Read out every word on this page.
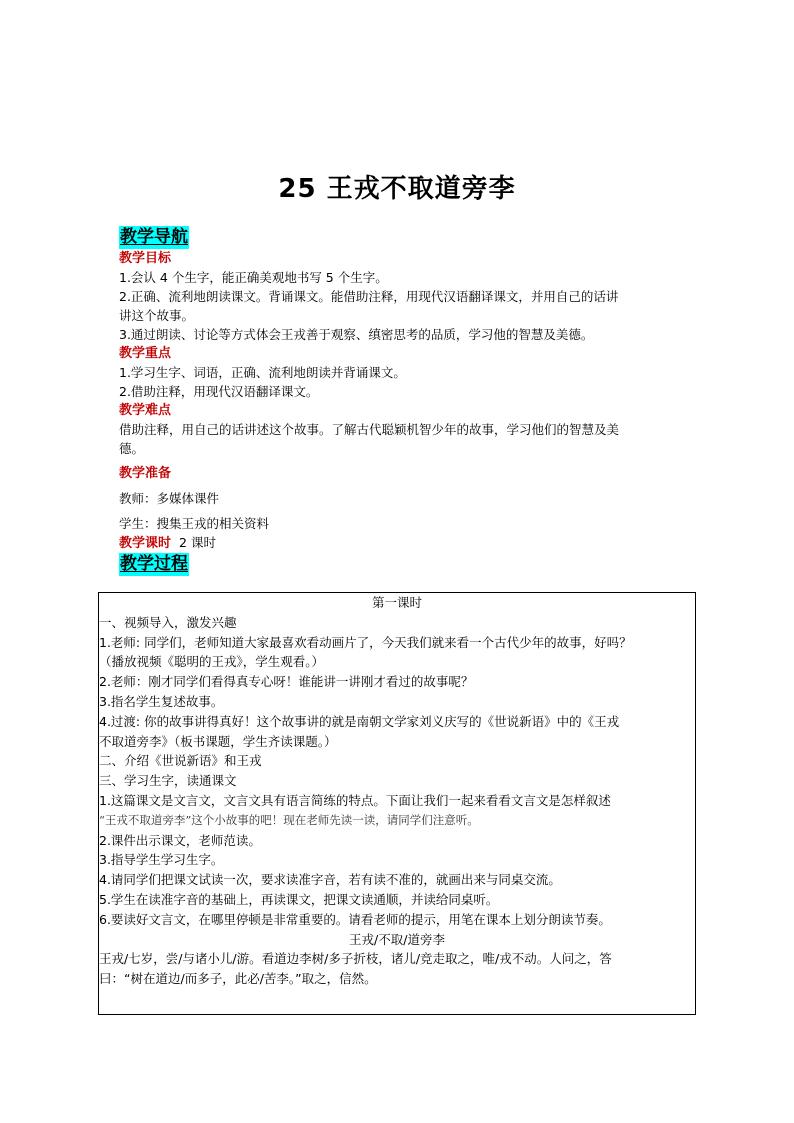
25 王戎不取道旁李
教学导航
教学目标
1.会认 4 个生字，能正确美观地书写 5 个生字。
2.正确、流利地朗读课文。背诵课文。能借助注释，用现代汉语翻译课文，并用自己的话讲
讲这个故事。
3.通过朗读、讨论等方式体会王戎善于观察、缜密思考的品质，学习他的智慧及美德。
教学重点
1.学习生字、词语，正确、流利地朗读并背诵课文。
2.借助注释，用现代汉语翻译课文。
教学难点
借助注释，用自己的话讲述这个故事。了解古代聪颖机智少年的故事，学习他们的智慧及美
德。
教学准备
教师：多媒体课件
学生：搜集王戎的相关资料
教学课时 2 课时
教学过程
第一课时
一、视频导入，激发兴趣
1.老师: 同学们，老师知道大家最喜欢看动画片了，今天我们就来看一个古代少年的故事，好吗？
（播放视频《聪明的王戎》，学生观看。）
2.老师：刚才同学们看得真专心呀！谁能讲一讲刚才看过的故事呢？
3.指名学生复述故事。
4.过渡: 你的故事讲得真好！这个故事讲的就是南朝文学家刘义庆写的《世说新语》中的《王戎
不取道旁李》（板书课题，学生齐读课题。）
二、介绍《世说新语》和王戎
三、学习生字，读通课文
1.这篇课文是文言文，文言文具有语言简练的特点。下面让我们一起来看看文言文是怎样叙述
“王戎不取道旁李”这个小故事的吧！现在老师先读一读，请同学们注意听。
2.课件出示课文，老师范读。
3.指导学生学习生字。
4.请同学们把课文试读一次，要求读准字音，若有读不准的，就画出来与同桌交流。
5.学生在读准字音的基础上，再读课文，把课文读通顺，并读给同桌听。
6.要读好文言文，在哪里停顿是非常重要的。请看老师的提示，用笔在课本上划分朗读节奏。
王戎/不取/道旁李
王戎/七岁，尝/与诸小儿/游。看道边李树/多子折枝，诸儿/竞走取之，唯/戎不动。人问之，答
曰：“树在道边/而多子，此必/苦李。”取之，信然。
